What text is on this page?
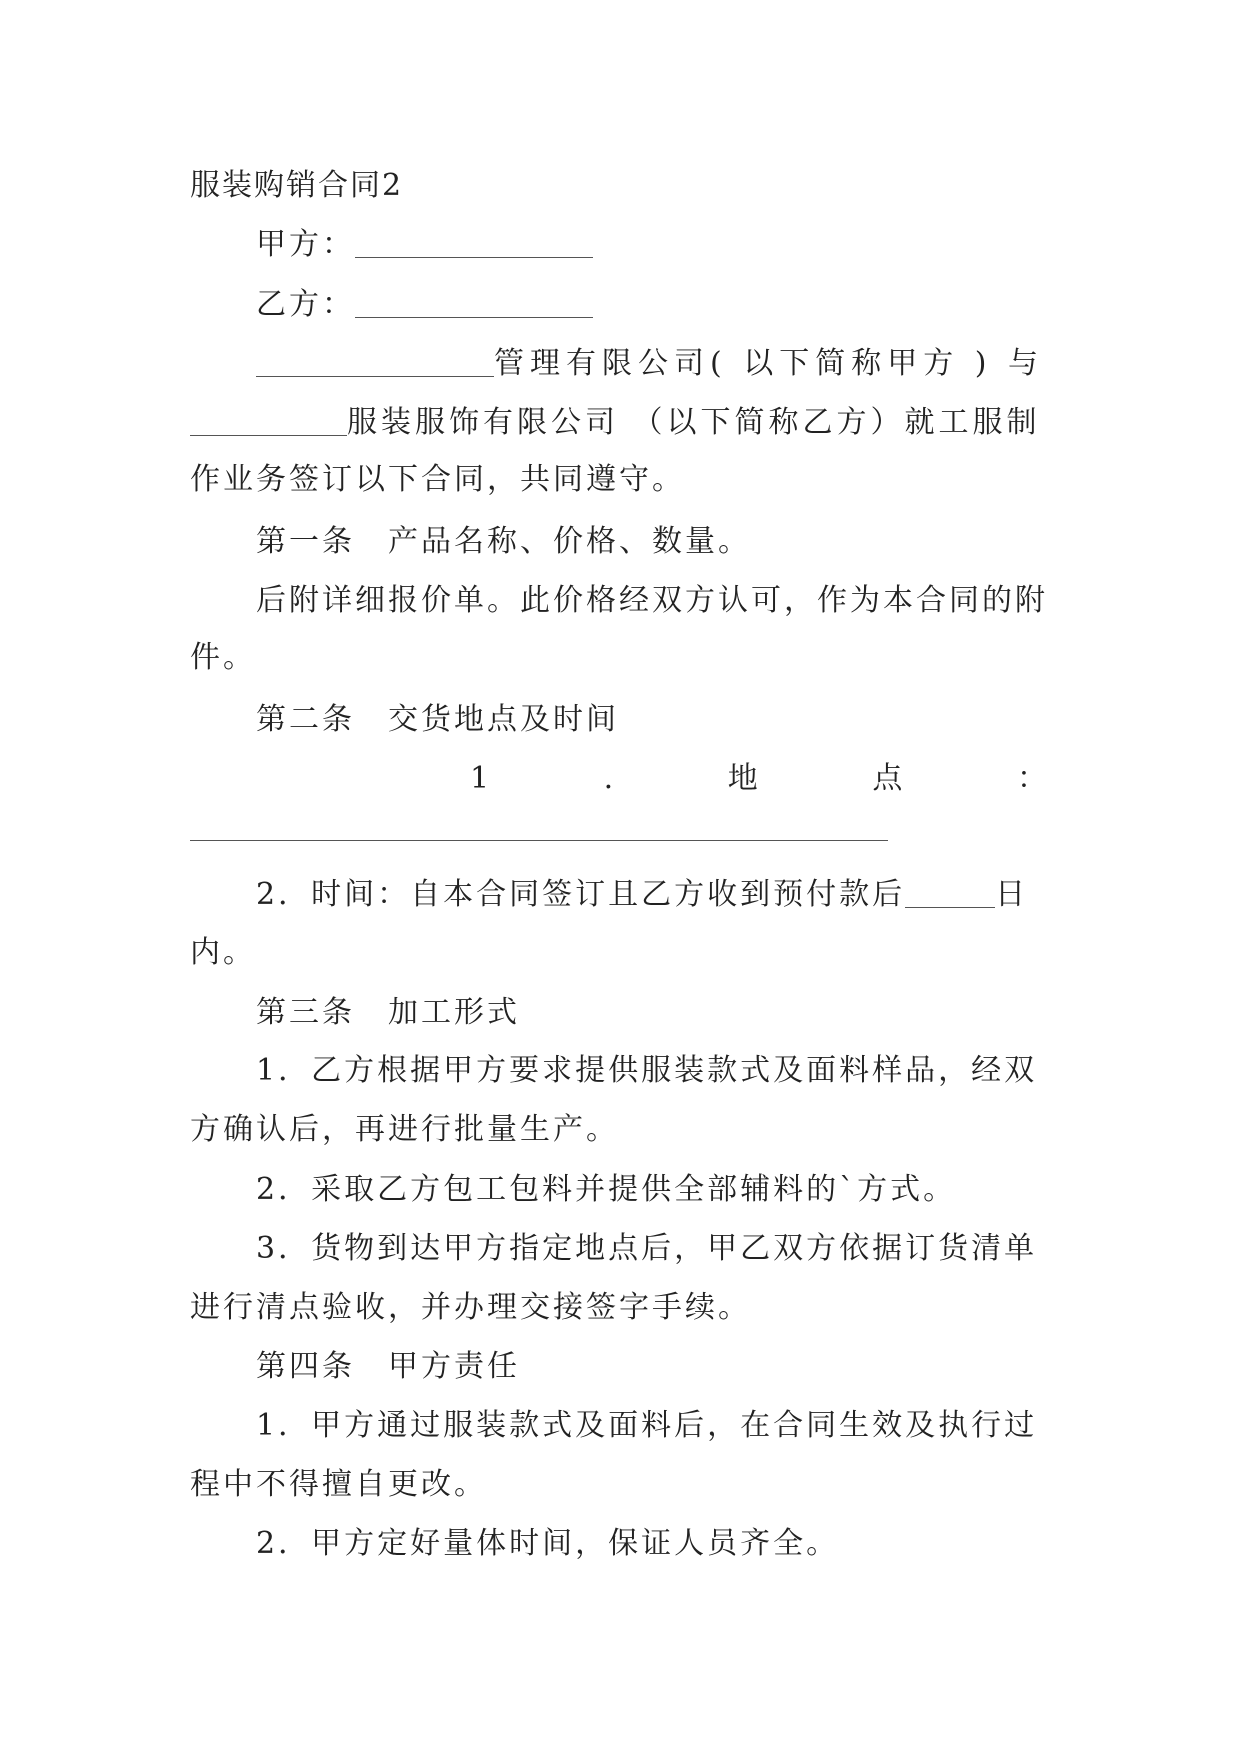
服装购销合同2
甲方：
乙方：
管理有限公司( 以下简称甲方 ) 与
服装服饰有限公司 （以下简称乙方）就工服制
作业务签订以下合同，共同遵守。
第一条　产品名称、价格、数量。
后附详细报价单。此价格经双方认可，作为本合同的附
件。
第二条　交货地点及时间
1	.	地	点	：
2．时间：自本合同签订且乙方收到预付款后	日
内。
第三条　加工形式
1．乙方根据甲方要求提供服装款式及面料样品，经双
方确认后，再进行批量生产。
2．采取乙方包工包料并提供全部辅料的`方式。
3．货物到达甲方指定地点后，甲乙双方依据订货清单
进行清点验收，并办理交接签字手续。
第四条　甲方责任
1．甲方通过服装款式及面料后，在合同生效及执行过
程中不得擅自更改。
2．甲方定好量体时间，保证人员齐全。
